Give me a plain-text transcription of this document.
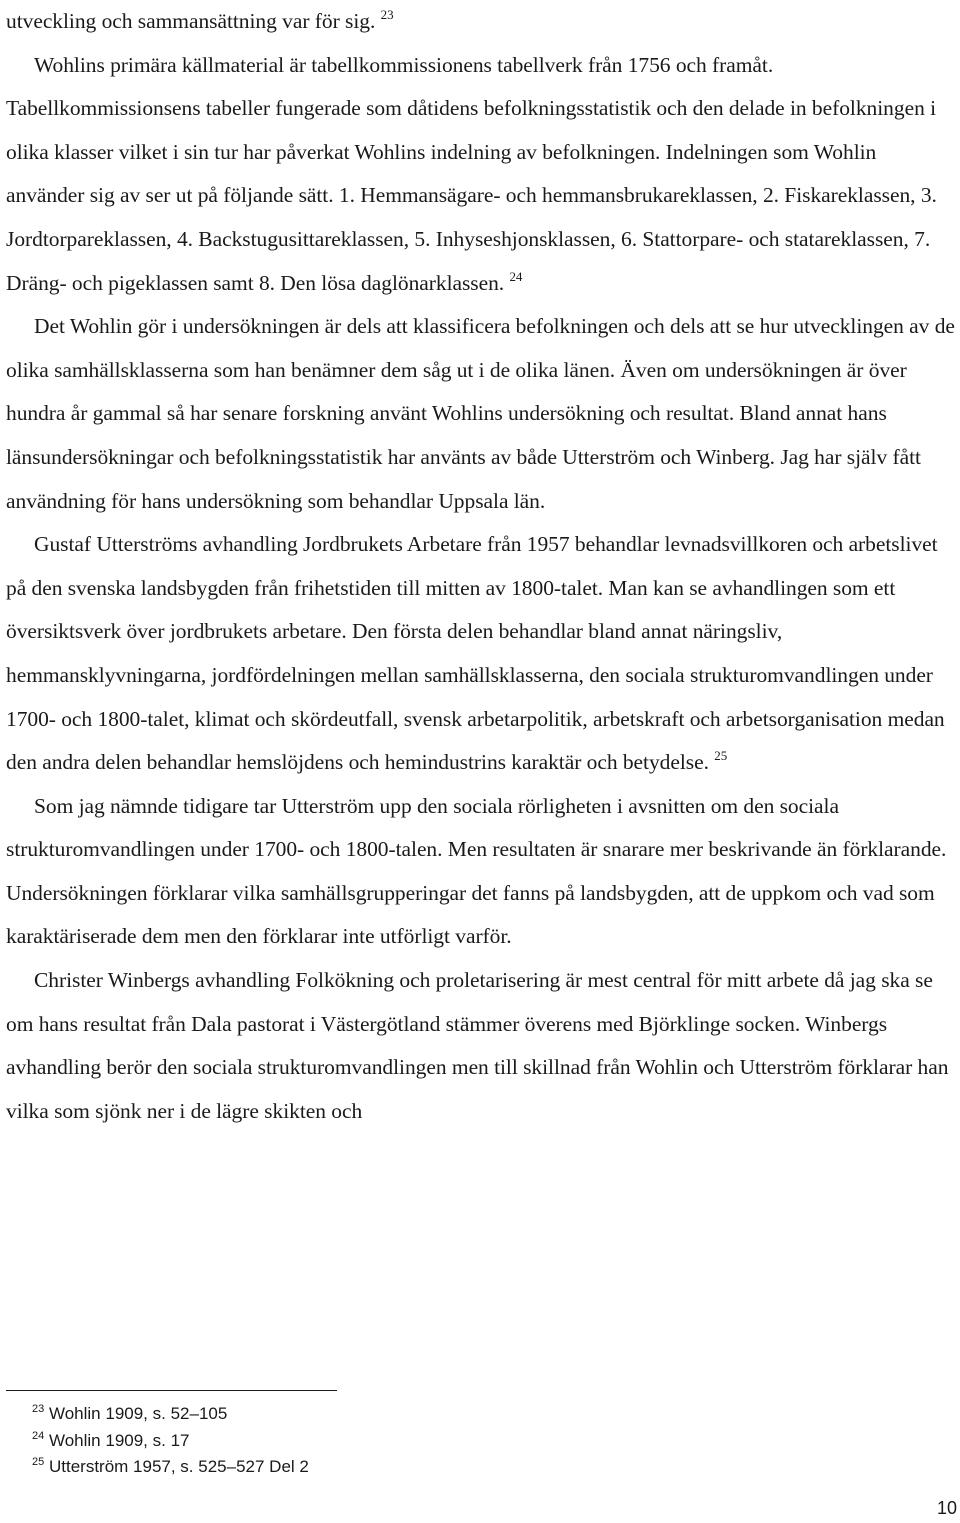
utveckling och sammansättning var för sig. $^{23}$

Wohlins primära källmaterial är tabellkommissionens tabellverk från 1756 och framåt. Tabellkommissionsens tabeller fungerade som dåtidens befolkningsstatistik och den delade in befolkningen i olika klasser vilket i sin tur har påverkat Wohlins indelning av befolkningen. Indelningen som Wohlin använder sig av ser ut på följande sätt. 1. Hemmansägare- och hemmansbrukareklassen, 2. Fiskareklassen, 3. Jordtorpareklassen, 4. Backstugusittareklassen, 5. Inhyseshjonsklassen, 6. Stattorpare- och statareklassen, 7. Dräng- och pigeklassen samt 8. Den lösa daglönarklassen. $^{24}$

Det Wohlin gör i undersökningen är dels att klassificera befolkningen och dels att se hur utvecklingen av de olika samhällsklasserna som han benämner dem såg ut i de olika länen. Även om undersökningen är över hundra år gammal så har senare forskning använt Wohlins undersökning och resultat. Bland annat hans länsundersökningar och befolkningsstatistik har använts av både Utterström och Winberg. Jag har själv fått användning för hans undersökning som behandlar Uppsala län.

Gustaf Utterströms avhandling Jordbrukets Arbetare från 1957 behandlar levnadsvillkoren och arbetslivet på den svenska landsbygden från frihetstiden till mitten av 1800-talet. Man kan se avhandlingen som ett översiktsverk över jordbrukets arbetare. Den första delen behandlar bland annat näringsliv, hemmansklyvningarna, jordfördelningen mellan samhällsklasserna, den sociala strukturomvandlingen under 1700- och 1800-talet, klimat och skördeutfall, svensk arbetarpolitik, arbetskraft och arbetsorganisation medan den andra delen behandlar hemslöjdens och hemindustrins karaktär och betydelse. $^{25}$

Som jag nämnde tidigare tar Utterström upp den sociala rörligheten i avsnitten om den sociala strukturomvandlingen under 1700- och 1800-talen. Men resultaten är snarare mer beskrivande än förklarande. Undersökningen förklarar vilka samhällsgrupperingar det fanns på landsbygden, att de uppkom och vad som karaktäriserade dem men den förklarar inte utförligt varför.

Christer Winbergs avhandling Folkökning och proletarisering är mest central för mitt arbete då jag ska se om hans resultat från Dala pastorat i Västergötland stämmer överens med Björklinge socken. Winbergs avhandling berör den sociala strukturomvandlingen men till skillnad från Wohlin och Utterström förklarar han vilka som sjönk ner i de lägre skikten och

$^{23}$ Wohlin 1909, s. 52–105
$^{24}$ Wohlin 1909, s. 17
$^{25}$ Utterström 1957, s. 525–527 Del 2
10
